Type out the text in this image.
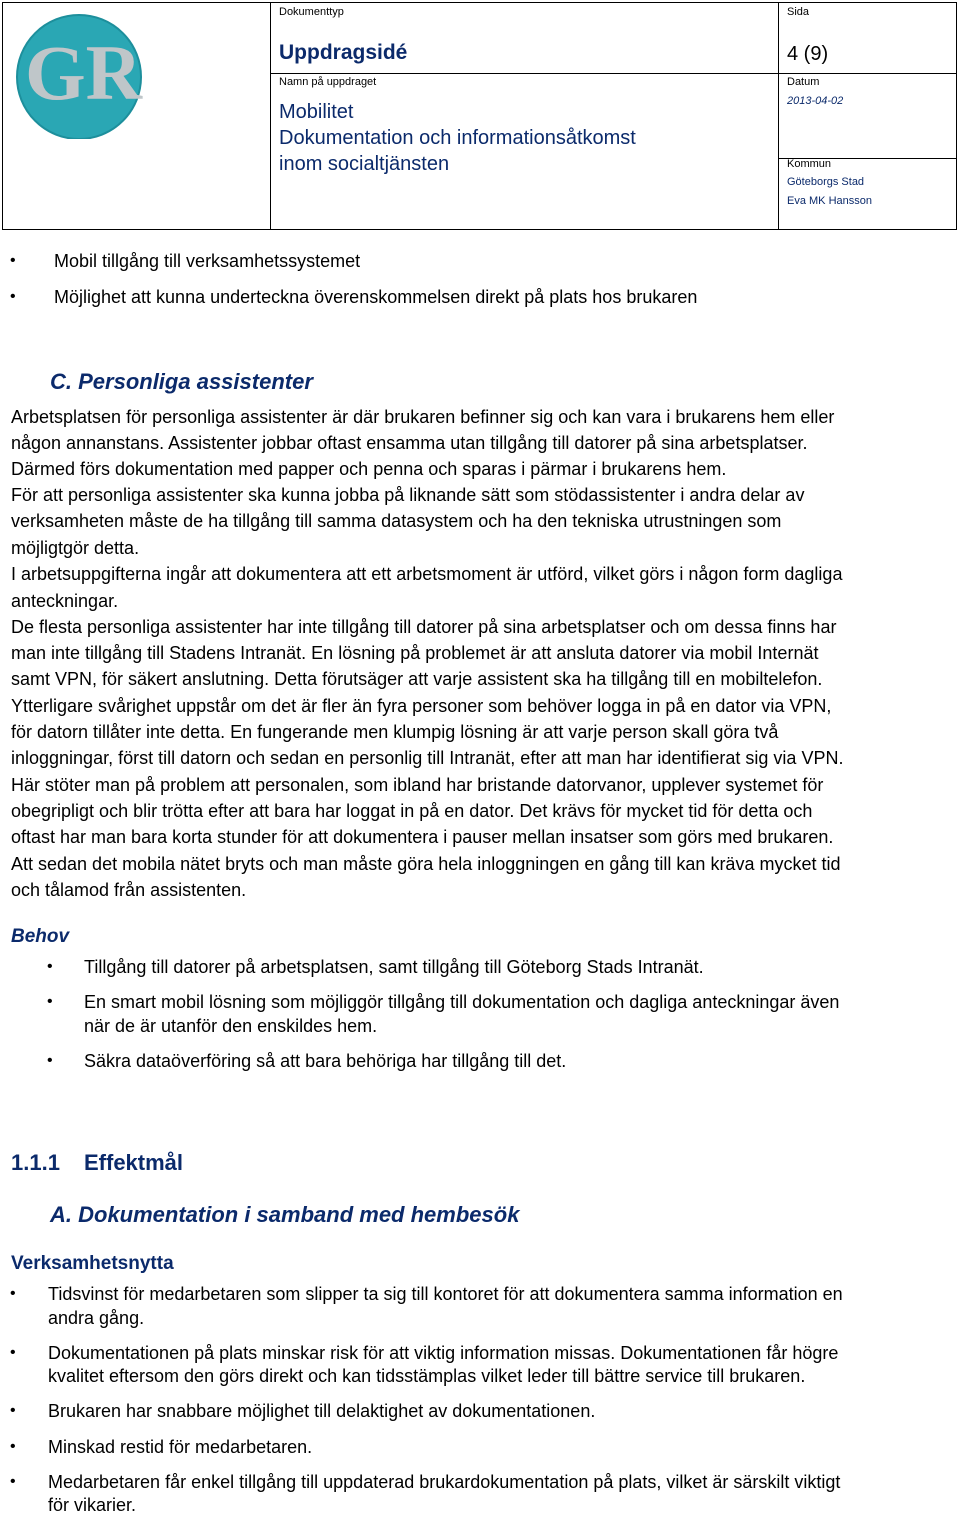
GR
Dokumenttyp
Uppdragsidé
Sida
4 (9)
Namn på uppdraget
Mobilitet
Dokumentation och informationsåtkomst
inom socialtjänsten
Datum
2013-04-02
Kommun
Göteborgs Stad
Eva MK Hansson
• Mobil tillgång till verksamhetssystemet
• Möjlighet att kunna underteckna överenskommelsen direkt på plats hos brukaren
C. Personliga assistenter
Arbetsplatsen för personliga assistenter är där brukaren befinner sig och kan vara i brukarens hem eller
någon annanstans. Assistenter jobbar oftast ensamma utan tillgång till datorer på sina arbetsplatser.
Därmed förs dokumentation med papper och penna och sparas i pärmar i brukarens hem.
För att personliga assistenter ska kunna jobba på liknande sätt som stödassistenter i andra delar av
verksamheten måste de ha tillgång till samma datasystem och ha den tekniska utrustningen som
möjligtgör detta.
I arbetsuppgifterna ingår att dokumentera att ett arbetsmoment är utförd, vilket görs i någon form dagliga
anteckningar.
De flesta personliga assistenter har inte tillgång till datorer på sina arbetsplatser och om dessa finns har
man inte tillgång till Stadens Intranät. En lösning på problemet är att ansluta datorer via mobil Internät
samt VPN, för säkert anslutning. Detta förutsäger att varje assistent ska ha tillgång till en mobiltelefon.
Ytterligare svårighet uppstår om det är fler än fyra personer som behöver logga in på en dator via VPN,
för datorn tillåter inte detta. En fungerande men klumpig lösning är att varje person skall göra två
inloggningar, först till datorn och sedan en personlig till Intranät, efter att man har identifierat sig via VPN.
Här stöter man på problem att personalen, som ibland har bristande datorvanor, upplever systemet för
obegripligt och blir trötta efter att bara har loggat in på en dator. Det krävs för mycket tid för detta och
oftast har man bara korta stunder för att dokumentera i pauser mellan insatser som görs med brukaren.
Att sedan det mobila nätet bryts och man måste göra hela inloggningen en gång till kan kräva mycket tid
och tålamod från assistenten.
Behov
• Tillgång till datorer på arbetsplatsen, samt tillgång till Göteborg Stads Intranät.
• En smart mobil lösning som möjliggör tillgång till dokumentation och dagliga anteckningar även
när de är utanför den enskildes hem.
• Säkra dataöverföring så att bara behöriga har tillgång till det.
1.1.1 Effektmål
A. Dokumentation i samband med hembesök
Verksamhetsnytta
• Tidsvinst för medarbetaren som slipper ta sig till kontoret för att dokumentera samma information en
andra gång.
• Dokumentationen på plats minskar risk för att viktig information missas. Dokumentationen får högre
kvalitet eftersom den görs direkt och kan tidsstämplas vilket leder till bättre service till brukaren.
• Brukaren har snabbare möjlighet till delaktighet av dokumentationen.
• Minskad restid för medarbetaren.
• Medarbetaren får enkel tillgång till uppdaterad brukardokumentation på plats, vilket är särskilt viktigt
för vikarier.
